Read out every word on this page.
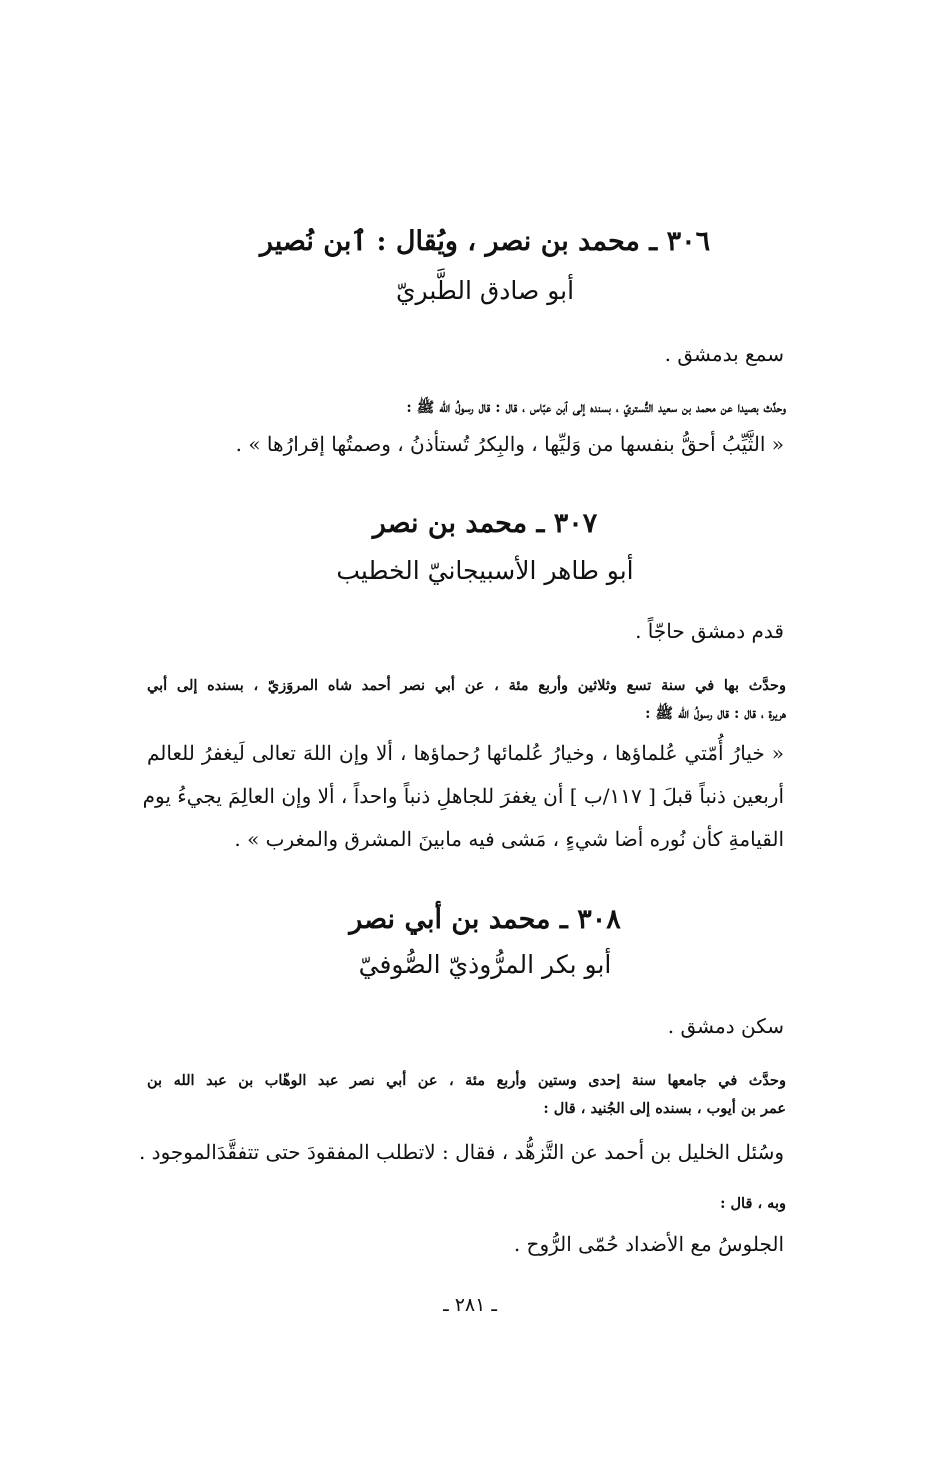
٣٠٦ ـ محمد بن نصر ، ويُقال : ٱبن نُصير
أبو صادق الطَّبريّ
سمع بدمشق .
وحدَّث بصيدا عن محمد بن سعيد التُّستريّ ، بسنده إلى ٱبن عبّاس ، قال : قال رسولُ الله ﷺ :
« الثَّيِّبُ أحقُّ بنفسها من وَليِّها ، والبِكرُ تُستأذنُ ، وصمتُها إقرارُها » .
٣٠٧ ـ محمد بن نصر
أبو طاهر الأسبيجانيّ الخطيب
قدم دمشق حاجّاً .
وحدَّث بها في سنة تسع وثلاثين وأربع مئة ، عن أبي نصر أحمد شاه المروَزيّ ، بسنده إلى أبي
هريرة ، قال : قال رسولُ الله ﷺ :
« خيارُ أُمّتي عُلماؤها ، وخيارُ عُلمائها رُحماؤها ، ألا وإن اللهَ تعالى لَيغفرُ للعالم
أربعين ذنباً قبلَ [ ١١٧/ب ] أن يغفرَ للجاهلِ ذنباً واحداً ، ألا وإن العالِمَ يجيءُ يوم
القيامةِ كأن نُوره أضا شيءٍ ، مَشى فيه مابينَ المشرق والمغرب » .
٣٠٨ ـ محمد بن أبي نصر
أبو بكر المرُّوذيّ الصُّوفيّ
سكن دمشق .
وحدَّث في جامعها سنة إحدى وستين وأربع مئة ، عن أبي نصر عبد الوهّاب بن عبد الله بن
عمر بن أيوب ، بسنده إلى الجُنيد ، قال :
وسُئل الخليل بن أحمد عن التَّزهُّد ، فقال : لاتطلب المفقودَ حتى تتفقَّدَالموجود .
وبه ، قال :
الجلوسُ مع الأضداد حُمّى الرُّوح .
ـ ٢٨١ ـ
